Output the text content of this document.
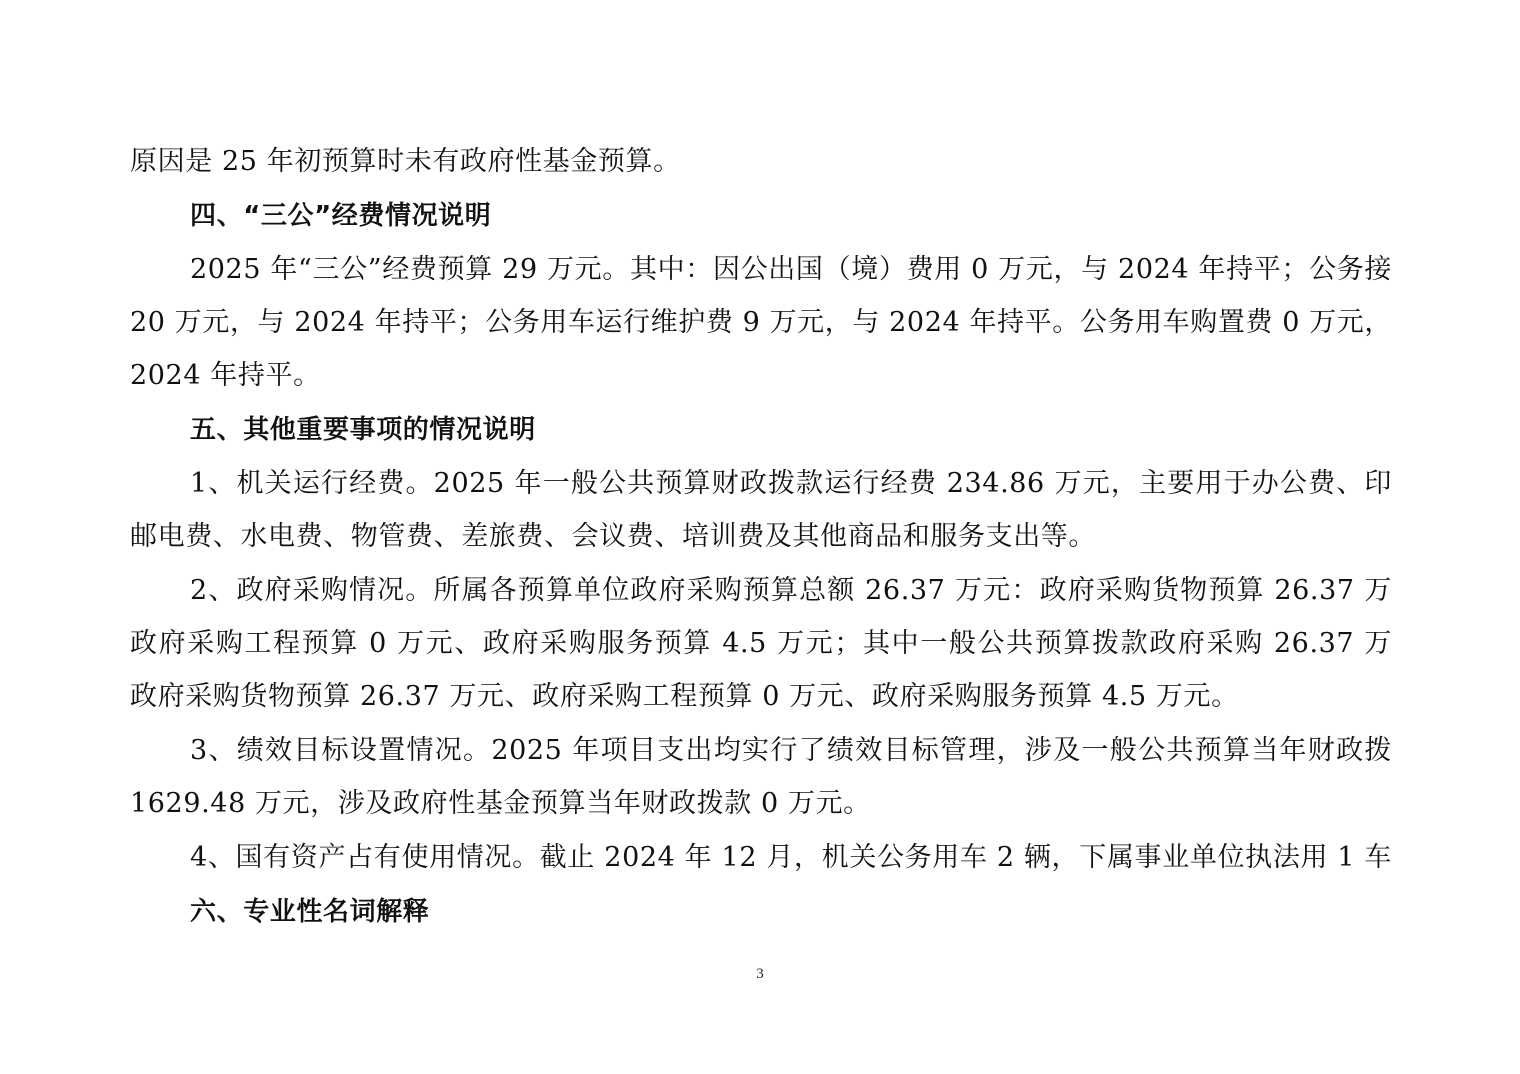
原因是 25 年初预算时未有政府性基金预算。
四、“三公”经费情况说明
2025 年“三公”经费预算 29 万元。其中：因公出国（境）费用 0 万元，与 2024 年持平；公务接
20 万元，与 2024 年持平；公务用车运行维护费 9 万元，与 2024 年持平。公务用车购置费 0 万元，
2024 年持平。
五、其他重要事项的情况说明
1、机关运行经费。2025 年一般公共预算财政拨款运行经费 234.86 万元，主要用于办公费、印
邮电费、水电费、物管费、差旅费、会议费、培训费及其他商品和服务支出等。
2、政府采购情况。所属各预算单位政府采购预算总额 26.37 万元：政府采购货物预算 26.37 万
政府采购工程预算 0 万元、政府采购服务预算 4.5 万元；其中一般公共预算拨款政府采购 26.37 万
政府采购货物预算 26.37 万元、政府采购工程预算 0 万元、政府采购服务预算 4.5 万元。
3、绩效目标设置情况。2025 年项目支出均实行了绩效目标管理，涉及一般公共预算当年财政拨
1629.48 万元，涉及政府性基金预算当年财政拨款 0 万元。
4、国有资产占有使用情况。截止 2024 年 12 月，机关公务用车 2 辆，下属事业单位执法用 1 车
六、专业性名词解释
3
